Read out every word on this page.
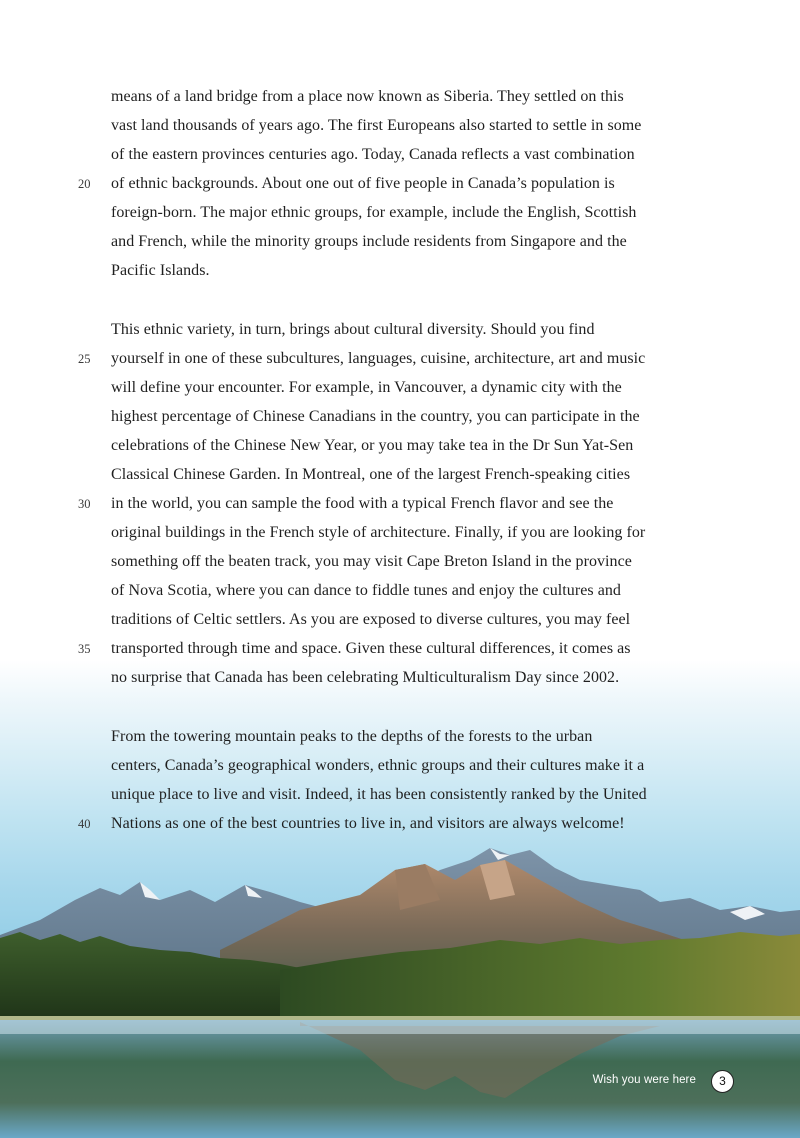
means of a land bridge from a place now known as Siberia. They settled on this
vast land thousands of years ago. The first Europeans also started to settle in some
of the eastern provinces centuries ago. Today, Canada reflects a vast combination
of ethnic backgrounds. About one out of five people in Canada’s population is
foreign-born. The major ethnic groups, for example, include the English, Scottish
and French, while the minority groups include residents from Singapore and the
Pacific Islands.
This ethnic variety, in turn, brings about cultural diversity. Should you find
yourself in one of these subcultures, languages, cuisine, architecture, art and music
will define your encounter. For example, in Vancouver, a dynamic city with the
highest percentage of Chinese Canadians in the country, you can participate in the
celebrations of the Chinese New Year, or you may take tea in the Dr Sun Yat-Sen
Classical Chinese Garden. In Montreal, one of the largest French-speaking cities
in the world, you can sample the food with a typical French flavor and see the
original buildings in the French style of architecture. Finally, if you are looking for
something off the beaten track, you may visit Cape Breton Island in the province
of Nova Scotia, where you can dance to fiddle tunes and enjoy the cultures and
traditions of Celtic settlers. As you are exposed to diverse cultures, you may feel
transported through time and space. Given these cultural differences, it comes as
no surprise that Canada has been celebrating Multiculturalism Day since 2002.
From the towering mountain peaks to the depths of the forests to the urban
centers, Canada’s geographical wonders, ethnic groups and their cultures make it a
unique place to live and visit. Indeed, it has been consistently ranked by the United
Nations as one of the best countries to live in, and visitors are always welcome!
20
25
30
35
40
Wish you were here	3
